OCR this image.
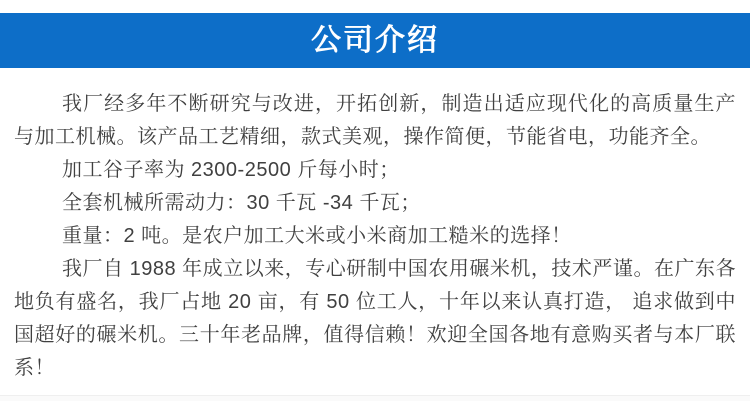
公司介绍

我厂经多年不断研究与改进，开拓创新，制造出适应现代化的高质量生产与加工机械。该产品工艺精细，款式美观，操作简便，节能省电，功能齐全。

加工谷子率为 2300-2500 斤每小时；

全套机械所需动力：30 千瓦 -34 千瓦；

重量：2 吨。是农户加工大米或小米商加工糙米的选择！

我厂自 1988 年成立以来，专心研制中国农用碾米机，技术严谨。在广东各地负有盛名，我厂占地 20 亩，有 50 位工人，十年以来认真打造， 追求做到中国超好的碾米机。三十年老品牌，值得信赖！欢迎全国各地有意购买者与本厂联系！
